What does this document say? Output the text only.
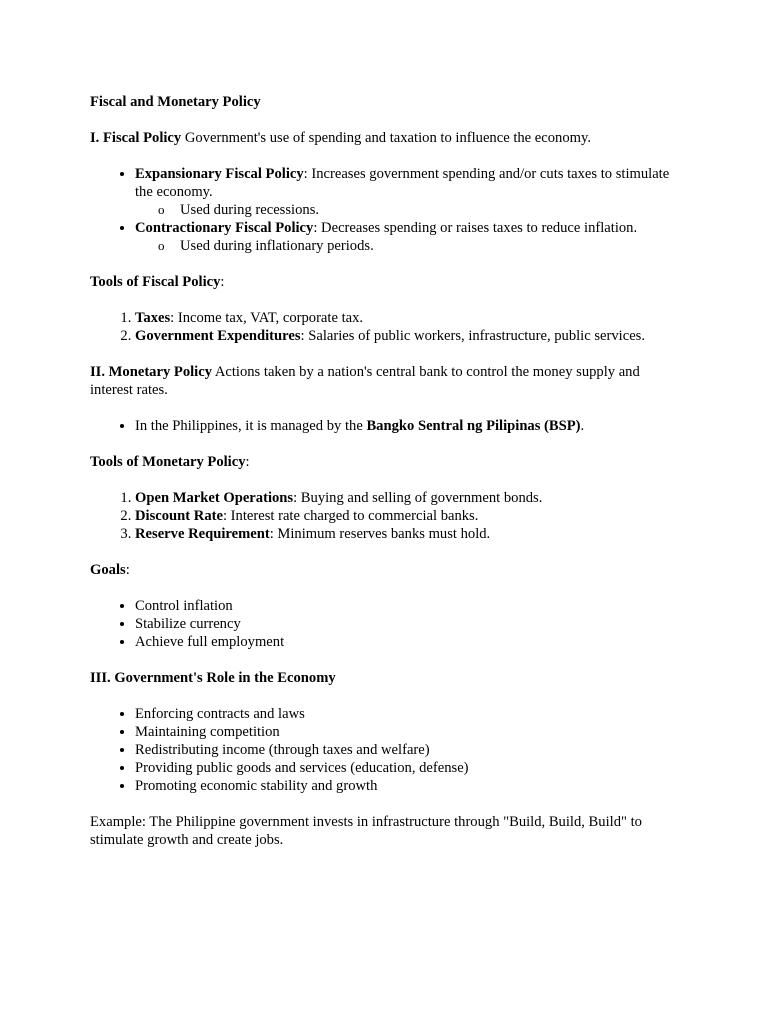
Fiscal and Monetary Policy

I. Fiscal Policy Government's use of spending and taxation to influence the economy.

• Expansionary Fiscal Policy: Increases government spending and/or cuts taxes to stimulate the economy.
o Used during recessions.
• Contractionary Fiscal Policy: Decreases spending or raises taxes to reduce inflation.
o Used during inflationary periods.

Tools of Fiscal Policy:

1. Taxes: Income tax, VAT, corporate tax.
2. Government Expenditures: Salaries of public workers, infrastructure, public services.

II. Monetary Policy Actions taken by a nation's central bank to control the money supply and interest rates.

• In the Philippines, it is managed by the Bangko Sentral ng Pilipinas (BSP).

Tools of Monetary Policy:

1. Open Market Operations: Buying and selling of government bonds.
2. Discount Rate: Interest rate charged to commercial banks.
3. Reserve Requirement: Minimum reserves banks must hold.

Goals:

• Control inflation
• Stabilize currency
• Achieve full employment

III. Government's Role in the Economy

• Enforcing contracts and laws
• Maintaining competition
• Redistributing income (through taxes and welfare)
• Providing public goods and services (education, defense)
• Promoting economic stability and growth

Example: The Philippine government invests in infrastructure through "Build, Build, Build" to stimulate growth and create jobs.
